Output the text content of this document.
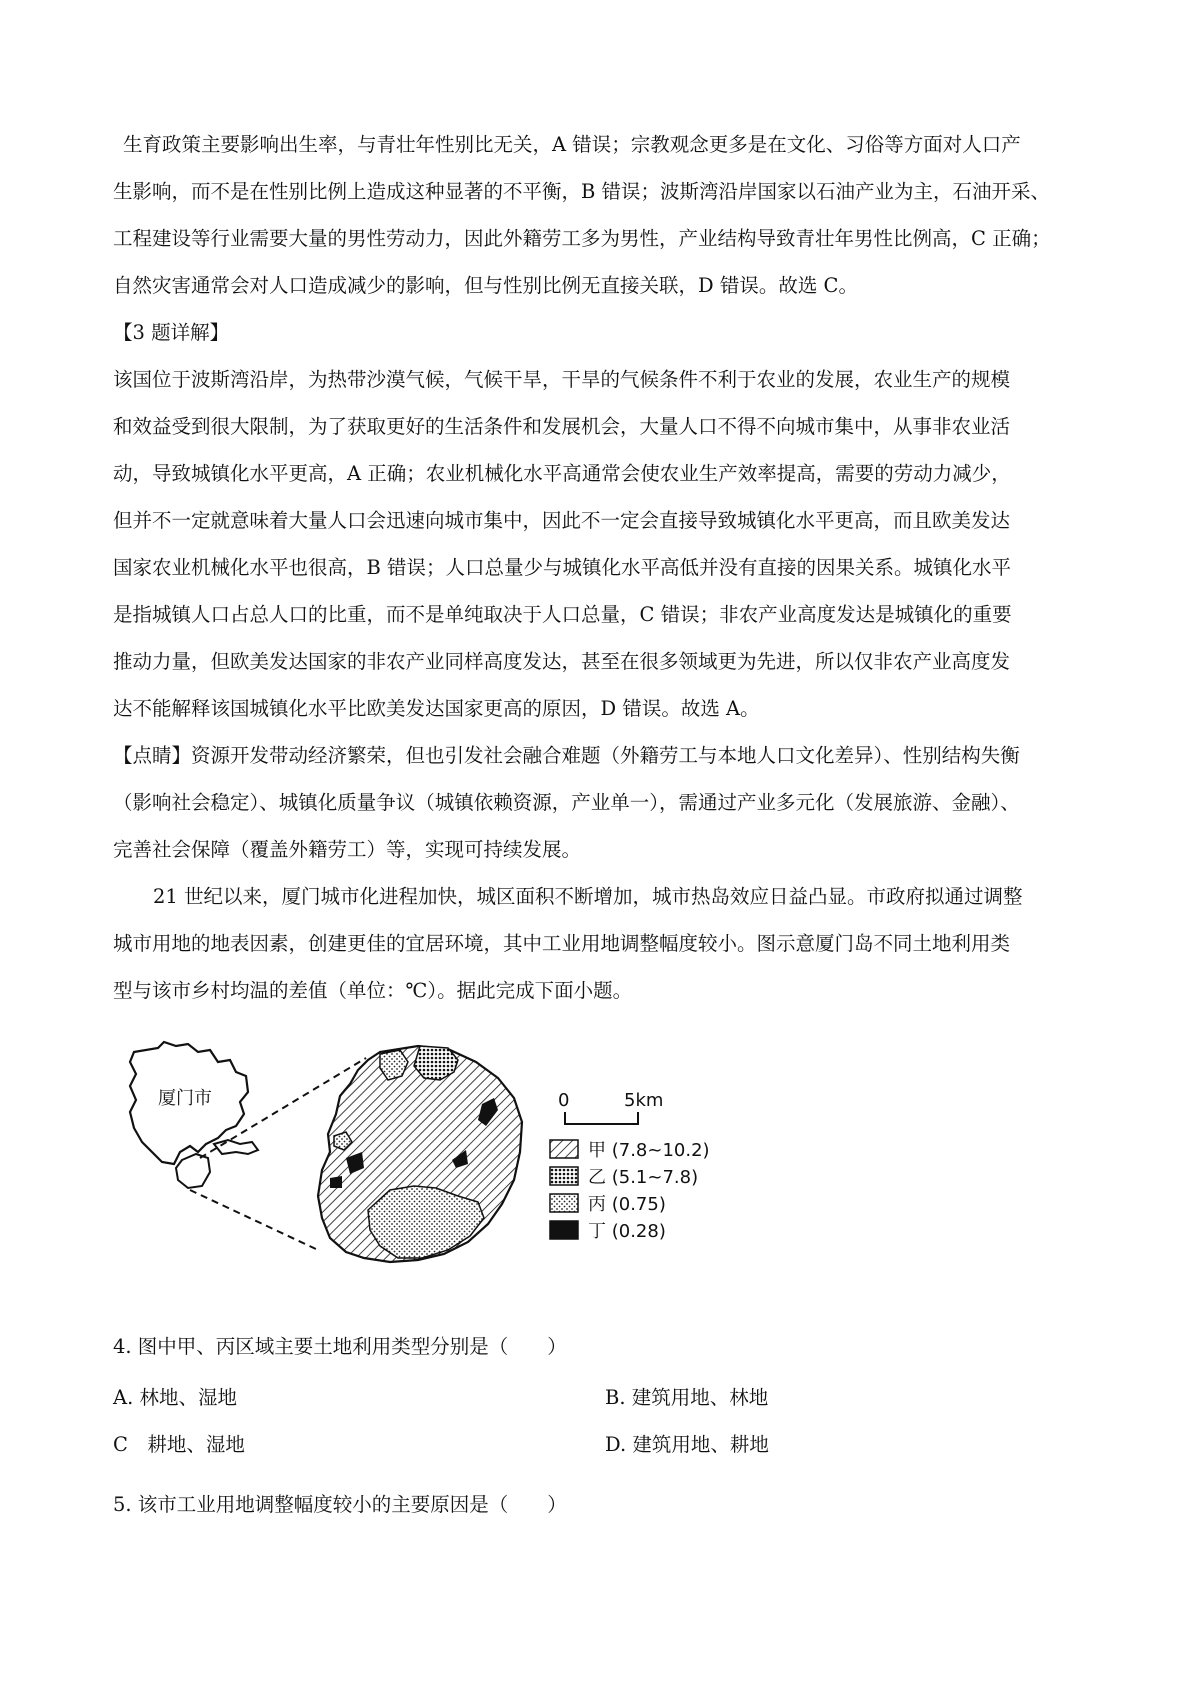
生育政策主要影响出生率，与青壮年性别比无关，A 错误；宗教观念更多是在文化、习俗等方面对人口产
生影响，而不是在性别比例上造成这种显著的不平衡，B 错误；波斯湾沿岸国家以石油产业为主，石油开采、
工程建设等行业需要大量的男性劳动力，因此外籍劳工多为男性，产业结构导致青壮年男性比例高，C 正确；
自然灾害通常会对人口造成减少的影响，但与性别比例无直接关联，D 错误。故选 C。

【3 题详解】

该国位于波斯湾沿岸，为热带沙漠气候，气候干旱，干旱的气候条件不利于农业的发展，农业生产的规模
和效益受到很大限制，为了获取更好的生活条件和发展机会，大量人口不得不向城市集中，从事非农业活
动，导致城镇化水平更高，A 正确；农业机械化水平高通常会使农业生产效率提高，需要的劳动力减少，
但并不一定就意味着大量人口会迅速向城市集中，因此不一定会直接导致城镇化水平更高，而且欧美发达
国家农业机械化水平也很高，B 错误；人口总量少与城镇化水平高低并没有直接的因果关系。城镇化水平
是指城镇人口占总人口的比重，而不是单纯取决于人口总量，C 错误；非农产业高度发达是城镇化的重要
推动力量，但欧美发达国家的非农产业同样高度发达，甚至在很多领域更为先进，所以仅非农产业高度发
达不能解释该国城镇化水平比欧美发达国家更高的原因，D 错误。故选 A。

【点睛】资源开发带动经济繁荣，但也引发社会融合难题（外籍劳工与本地人口文化差异）、性别结构失衡
（影响社会稳定）、城镇化质量争议（城镇依赖资源，产业单一），需通过产业多元化（发展旅游、金融）、
完善社会保障（覆盖外籍劳工）等，实现可持续发展。

21 世纪以来，厦门城市化进程加快，城区面积不断增加，城市热岛效应日益凸显。市政府拟通过调整
城市用地的地表因素，创建更佳的宜居环境，其中工业用地调整幅度较小。图示意厦门岛不同土地利用类
型与该市乡村均温的差值（单位：℃）。据此完成下面小题。

厦门市	0	5km
甲 (7.8~10.2)
乙 (5.1~7.8)
丙 (0.75)
丁 (0.28)

4. 图中甲、丙区域主要土地利用类型分别是（　　）

A. 林地、湿地	B. 建筑用地、林地

C　耕地、湿地	D. 建筑用地、耕地

5. 该市工业用地调整幅度较小的主要原因是（　　）
